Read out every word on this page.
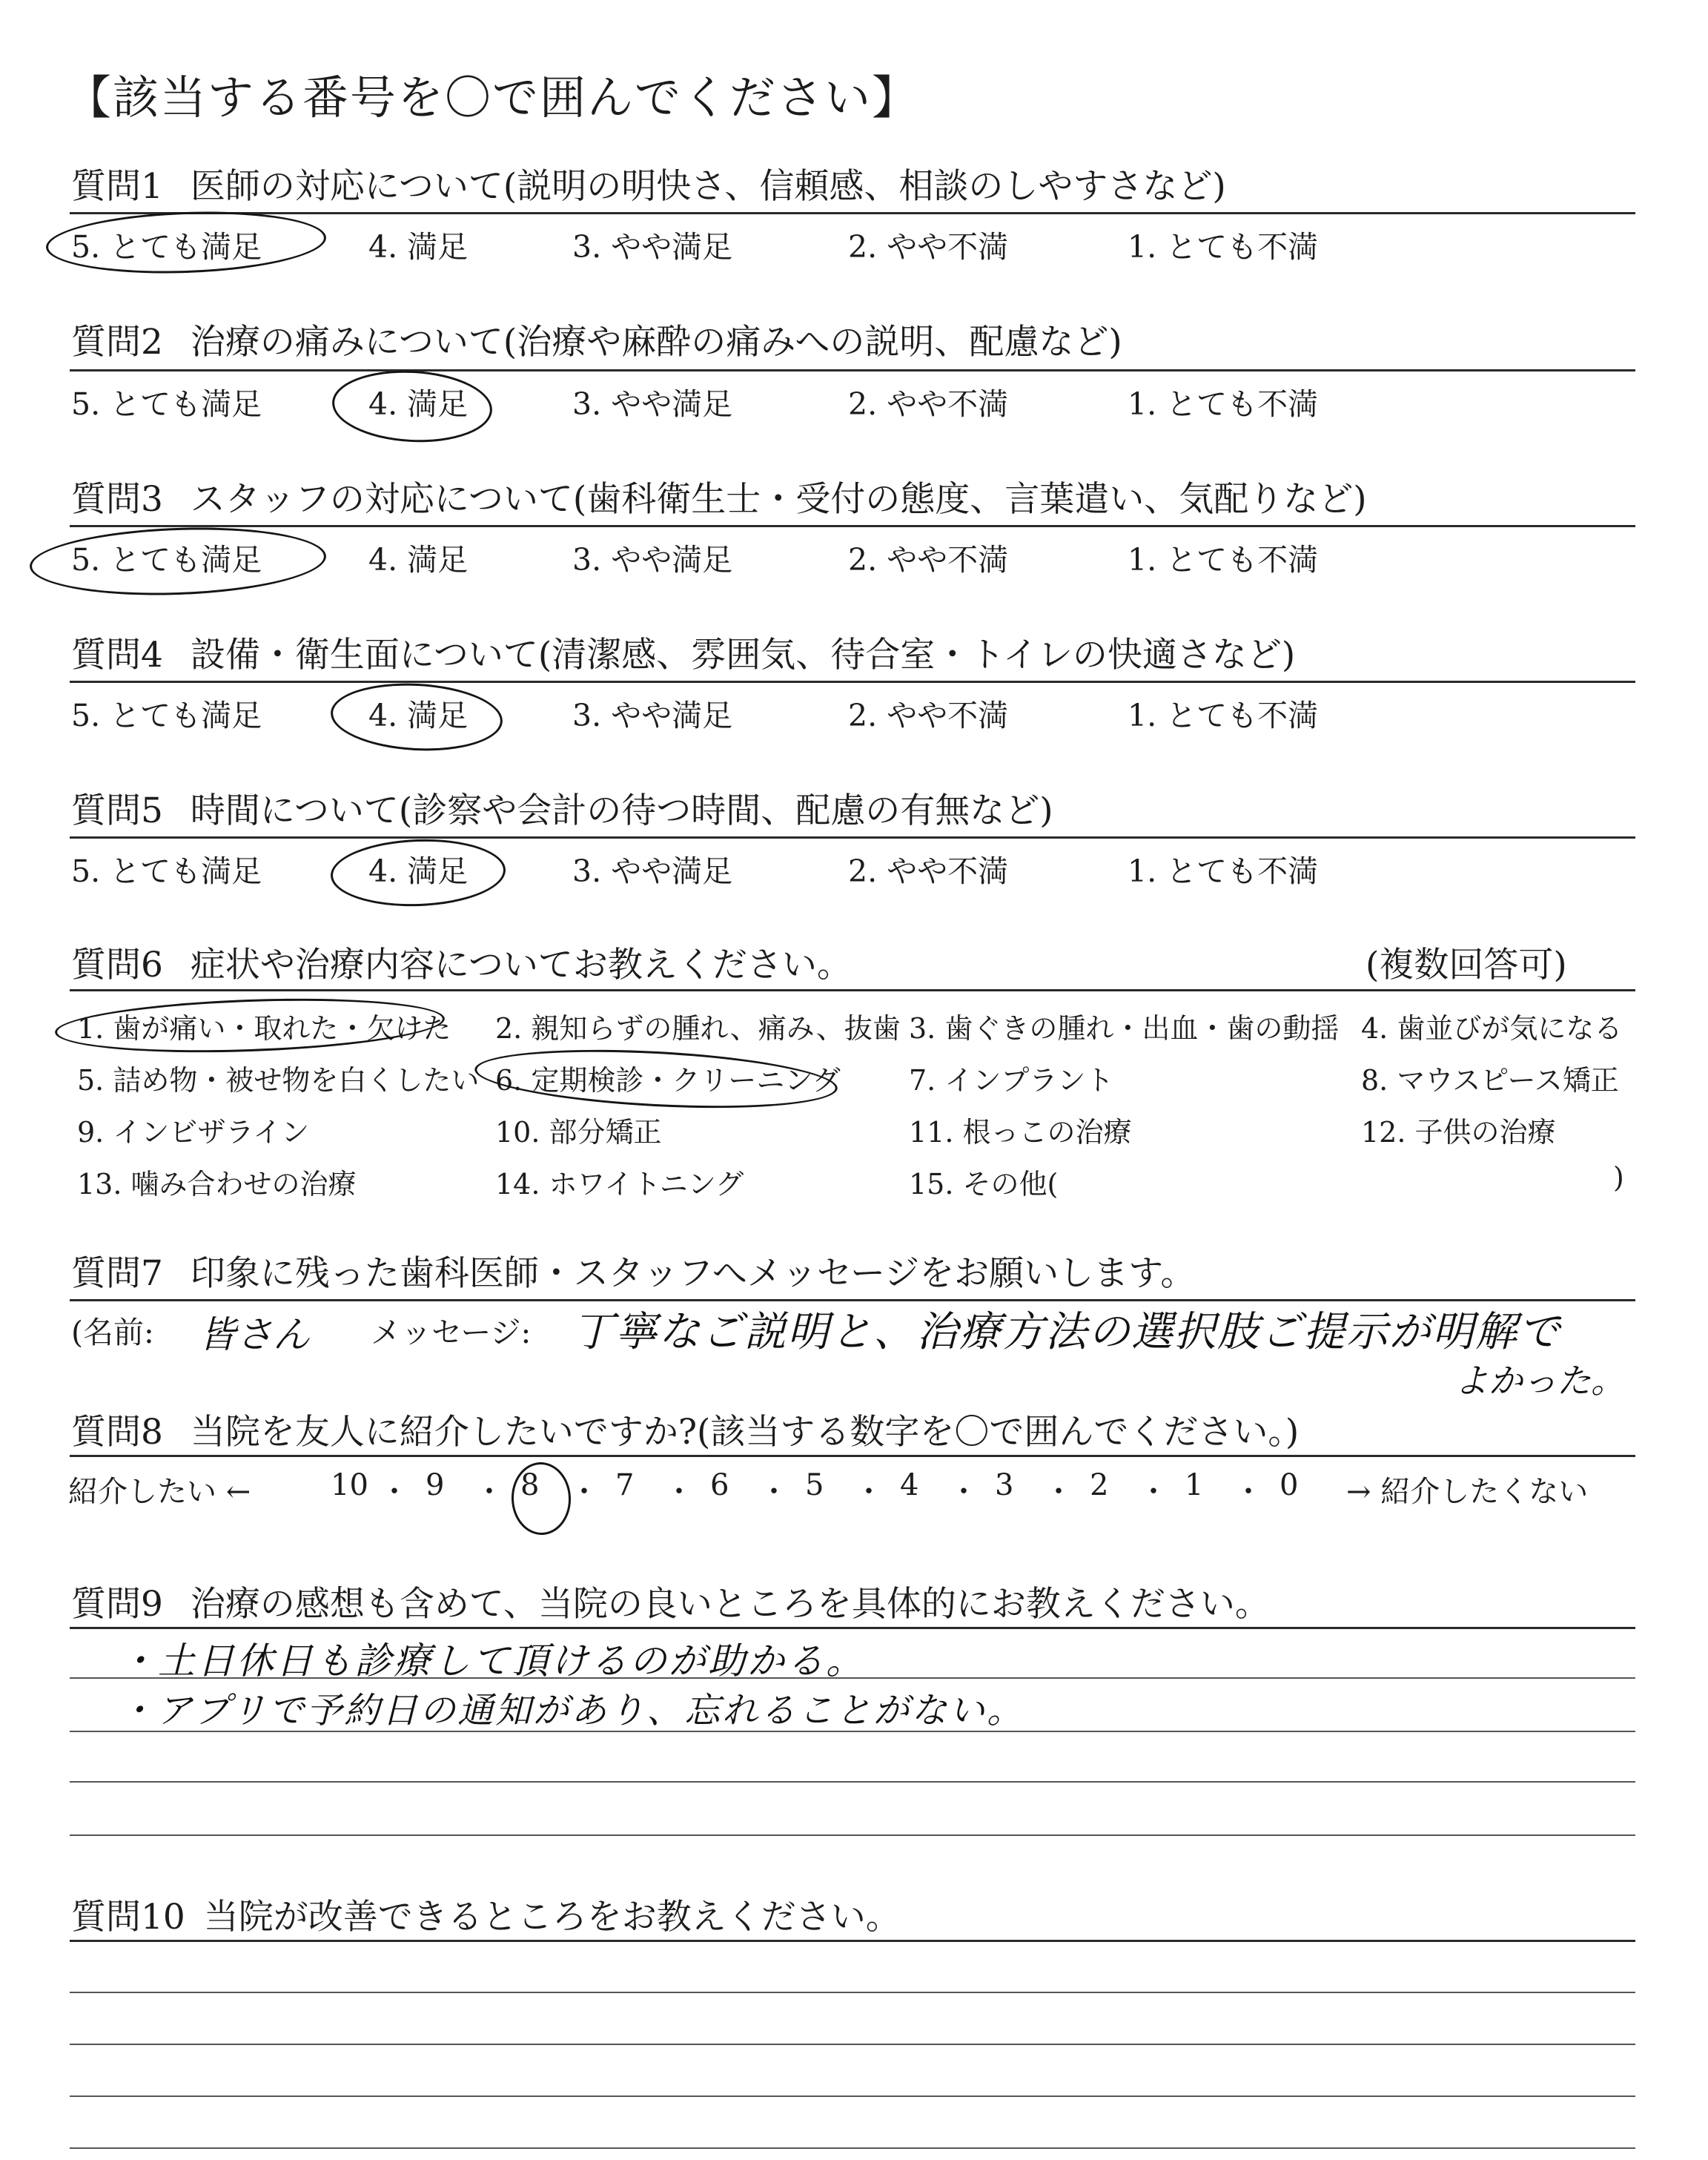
【該当する番号を〇で囲んでください】
質問1 医師の対応について(説明の明快さ、信頼感、相談のしやすさなど)
5. とても満足	4. 満足	3. やや満足	2. やや不満	1. とても不満
質問2 治療の痛みについて(治療や麻酔の痛みへの説明、配慮など)
5. とても満足	4. 満足	3. やや満足	2. やや不満	1. とても不満
質問3 スタッフの対応について(歯科衛生士・受付の態度、言葉遣い、気配りなど)
5. とても満足	4. 満足	3. やや満足	2. やや不満	1. とても不満
質問4 設備・衛生面について(清潔感、雰囲気、待合室・トイレの快適さなど)
5. とても満足	4. 満足	3. やや満足	2. やや不満	1. とても不満
質問5 時間について(診察や会計の待つ時間、配慮の有無など)
5. とても満足	4. 満足	3. やや満足	2. やや不満	1. とても不満
質問6 症状や治療内容についてお教えください。	(複数回答可)
1. 歯が痛い・取れた・欠けた 2. 親知らずの腫れ、痛み、抜歯 3. 歯ぐきの腫れ・出血・歯の動揺 4. 歯並びが気になる
5. 詰め物・被せ物を白くしたい 6. 定期検診・クリーニング 7. インプラント	8. マウスピース矯正
9. インビザライン	10. 部分矯正	11. 根っこの治療	12. 子供の治療
13. 噛み合わせの治療	14. ホワイトニング	15. その他(	)
質問7 印象に残った歯科医師・スタッフへメッセージをお願いします。
(名前: 皆さん メッセージ: 丁寧なご説明と、治療方法の選択肢ご提示が明解で
よかった。
質問8 当院を友人に紹介したいですか?(該当する数字を〇で囲んでください。)
紹介したい ←	→ 紹介したくない
10 ・ 9 ・ 8 ・ 7 ・ 6 ・ 5 ・ 4 ・ 3 ・ 2 ・ 1 ・ 0
質問9 治療の感想も含めて、当院の良いところを具体的にお教えください。
・土日休日も診療して頂けるのが助かる。
・アプリで予約日の通知があり、忘れることがない。
質問10 当院が改善できるところをお教えください。
